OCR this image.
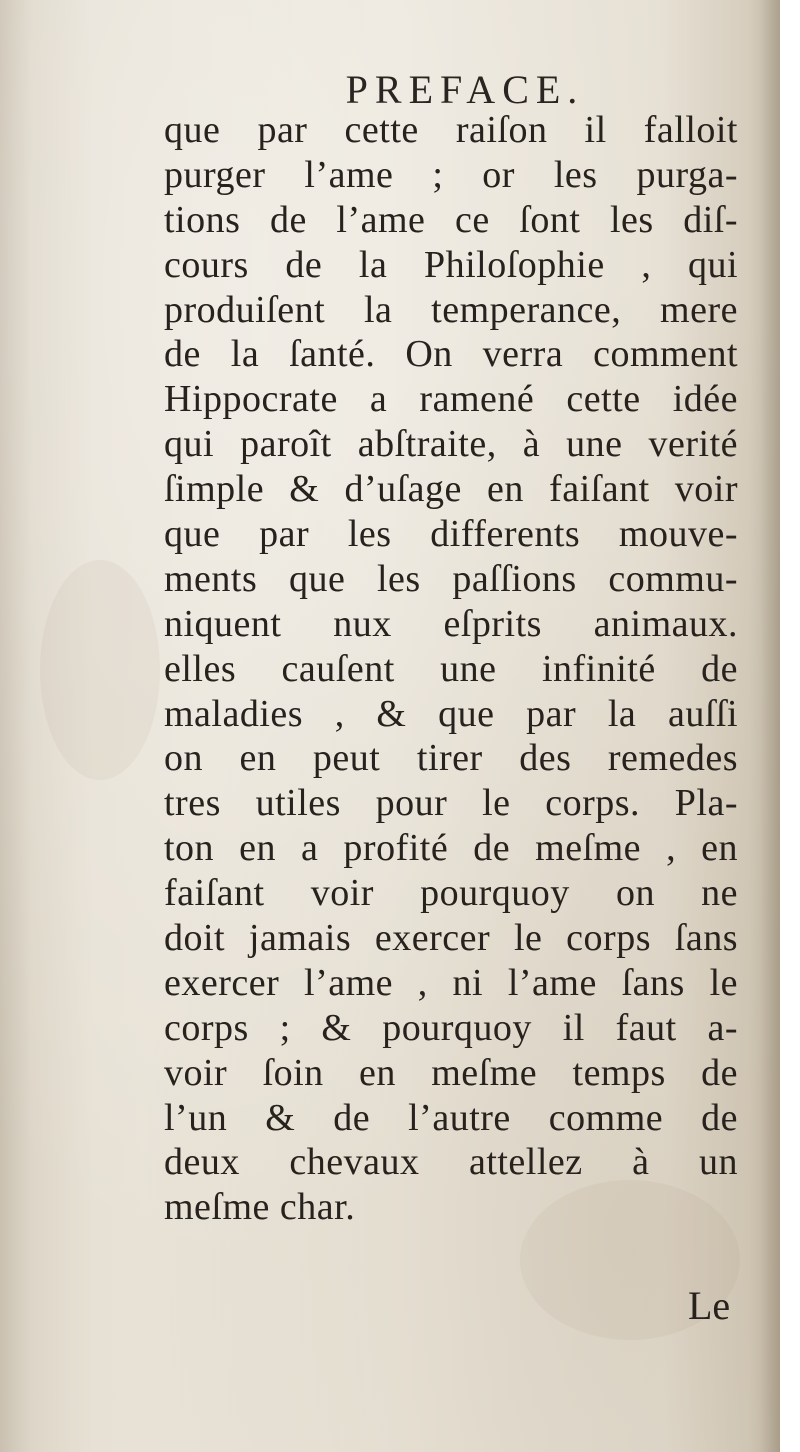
PREFACE.
que par cette raiſon il falloit
purger l’ame ; or les purga-
tions de l’ame ce ſont les diſ-
cours de la Philoſophie , qui
produiſent la temperance, mere
de la ſanté. On verra comment
Hippocrate a ramené cette idée
qui paroît abſtraite, à une verité
ſimple & d’uſage en faiſant voir
que par les differents mouve-
ments que les paſſions commu-
niquent nux eſprits animaux.
elles cauſent une infinité de
maladies , & que par la auſſi
on en peut tirer des remedes
tres utiles pour le corps. Pla-
ton en a profité de meſme , en
faiſant voir pourquoy on ne
doit jamais exercer le corps ſans
exercer l’ame , ni l’ame ſans le
corps ; & pourquoy il faut a-
voir ſoin en meſme temps de
l’un & de l’autre comme de
deux chevaux attellez à un
meſme char.
Le
